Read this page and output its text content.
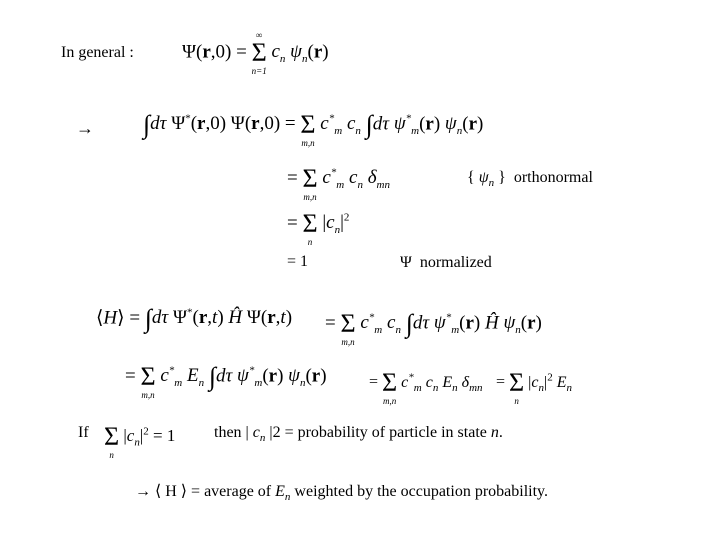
In general :	Ψ(r,0) =
∞
Σ
n=1
$c_n$ $\psi_n(r)$
→ ∫dτ Ψ*(r,0) Ψ(r,0) =
Σ
m,n
$c^*_m$ $c_n$ ∫dτ $\psi^*_m(r)$ $\psi_n(r)$
=
Σ
m,n
$c^*_m$ $c_n$ $\delta_{mn}$	{ $\psi_n$ } orthonormal
=
Σ
n
$|c_n|^2$
= 1	Ψ normalized
⟨H⟩ = ∫dτ Ψ*(r,t) Ĥ Ψ(r,t) =
Σ
m,n
$c^*_m$ $c_n$ ∫dτ $\psi^*_m(r)$ Ĥ $\psi_n(r)$
=
Σ
m,n
$c^*_m$ $E_n$ ∫dτ $\psi^*_m(r)$ $\psi_n(r)$	=
Σ
m,n
$c^*_m$ $c_n$ $E_n$ $\delta_{mn}$ =
Σ
n
$|c_n|^2$ $E_n$
If
Σ
n
$|c_n|^2 = 1$ then | $c_n$ |2 = probability of particle in state n.
→ ⟨ H ⟩ = average of $E_n$ weighted by the occupation probability.
